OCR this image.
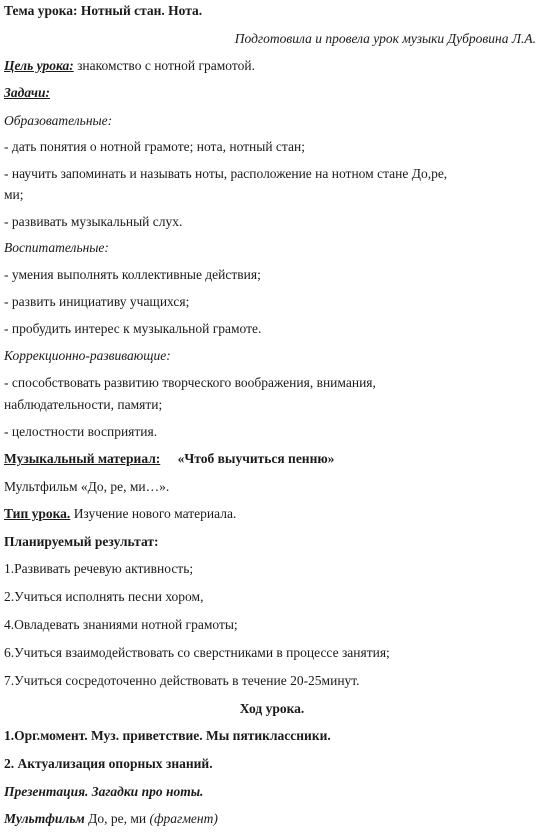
Тема урока: Нотный стан. Нота.
Подготовила и провела урок музыки Дубровина Л.А.
Цель урока: знакомство с нотной грамотой.
Задачи:
Образовательные:
- дать понятия о нотной грамоте; нота, нотный стан;
- научить запоминать и называть ноты, расположение на нотном стане До,ре,
ми;
- развивать музыкальный слух.
Воспитательные:
- умения выполнять коллективные действия;
- развить инициативу учащихся;
- пробудить интерес к музыкальной грамоте.
Коррекционно-развивающие:
- способствовать развитию творческого воображения, внимания,
наблюдательности, памяти;
- целостности восприятия.
Музыкальный материал: «Чтоб выучиться пенню»
Мультфильм «До, ре, ми…».
Тип урока. Изучение нового материала.
Планируемый результат:
1.Развивать речевую активность;
2.Учиться исполнять песни хором,
4.Овладевать знаниями нотной грамоты;
6.Учиться взаимодействовать со сверстниками в процессе занятия;
7.Учиться сосредоточенно действовать в течение 20-25минут.
Ход урока.
1.Орг.момент. Муз. приветствие. Мы пятиклассники.
2. Актуализация опорных знаний.
Презентация. Загадки про ноты.
Мультфильм До, ре, ми (фрагмент)
